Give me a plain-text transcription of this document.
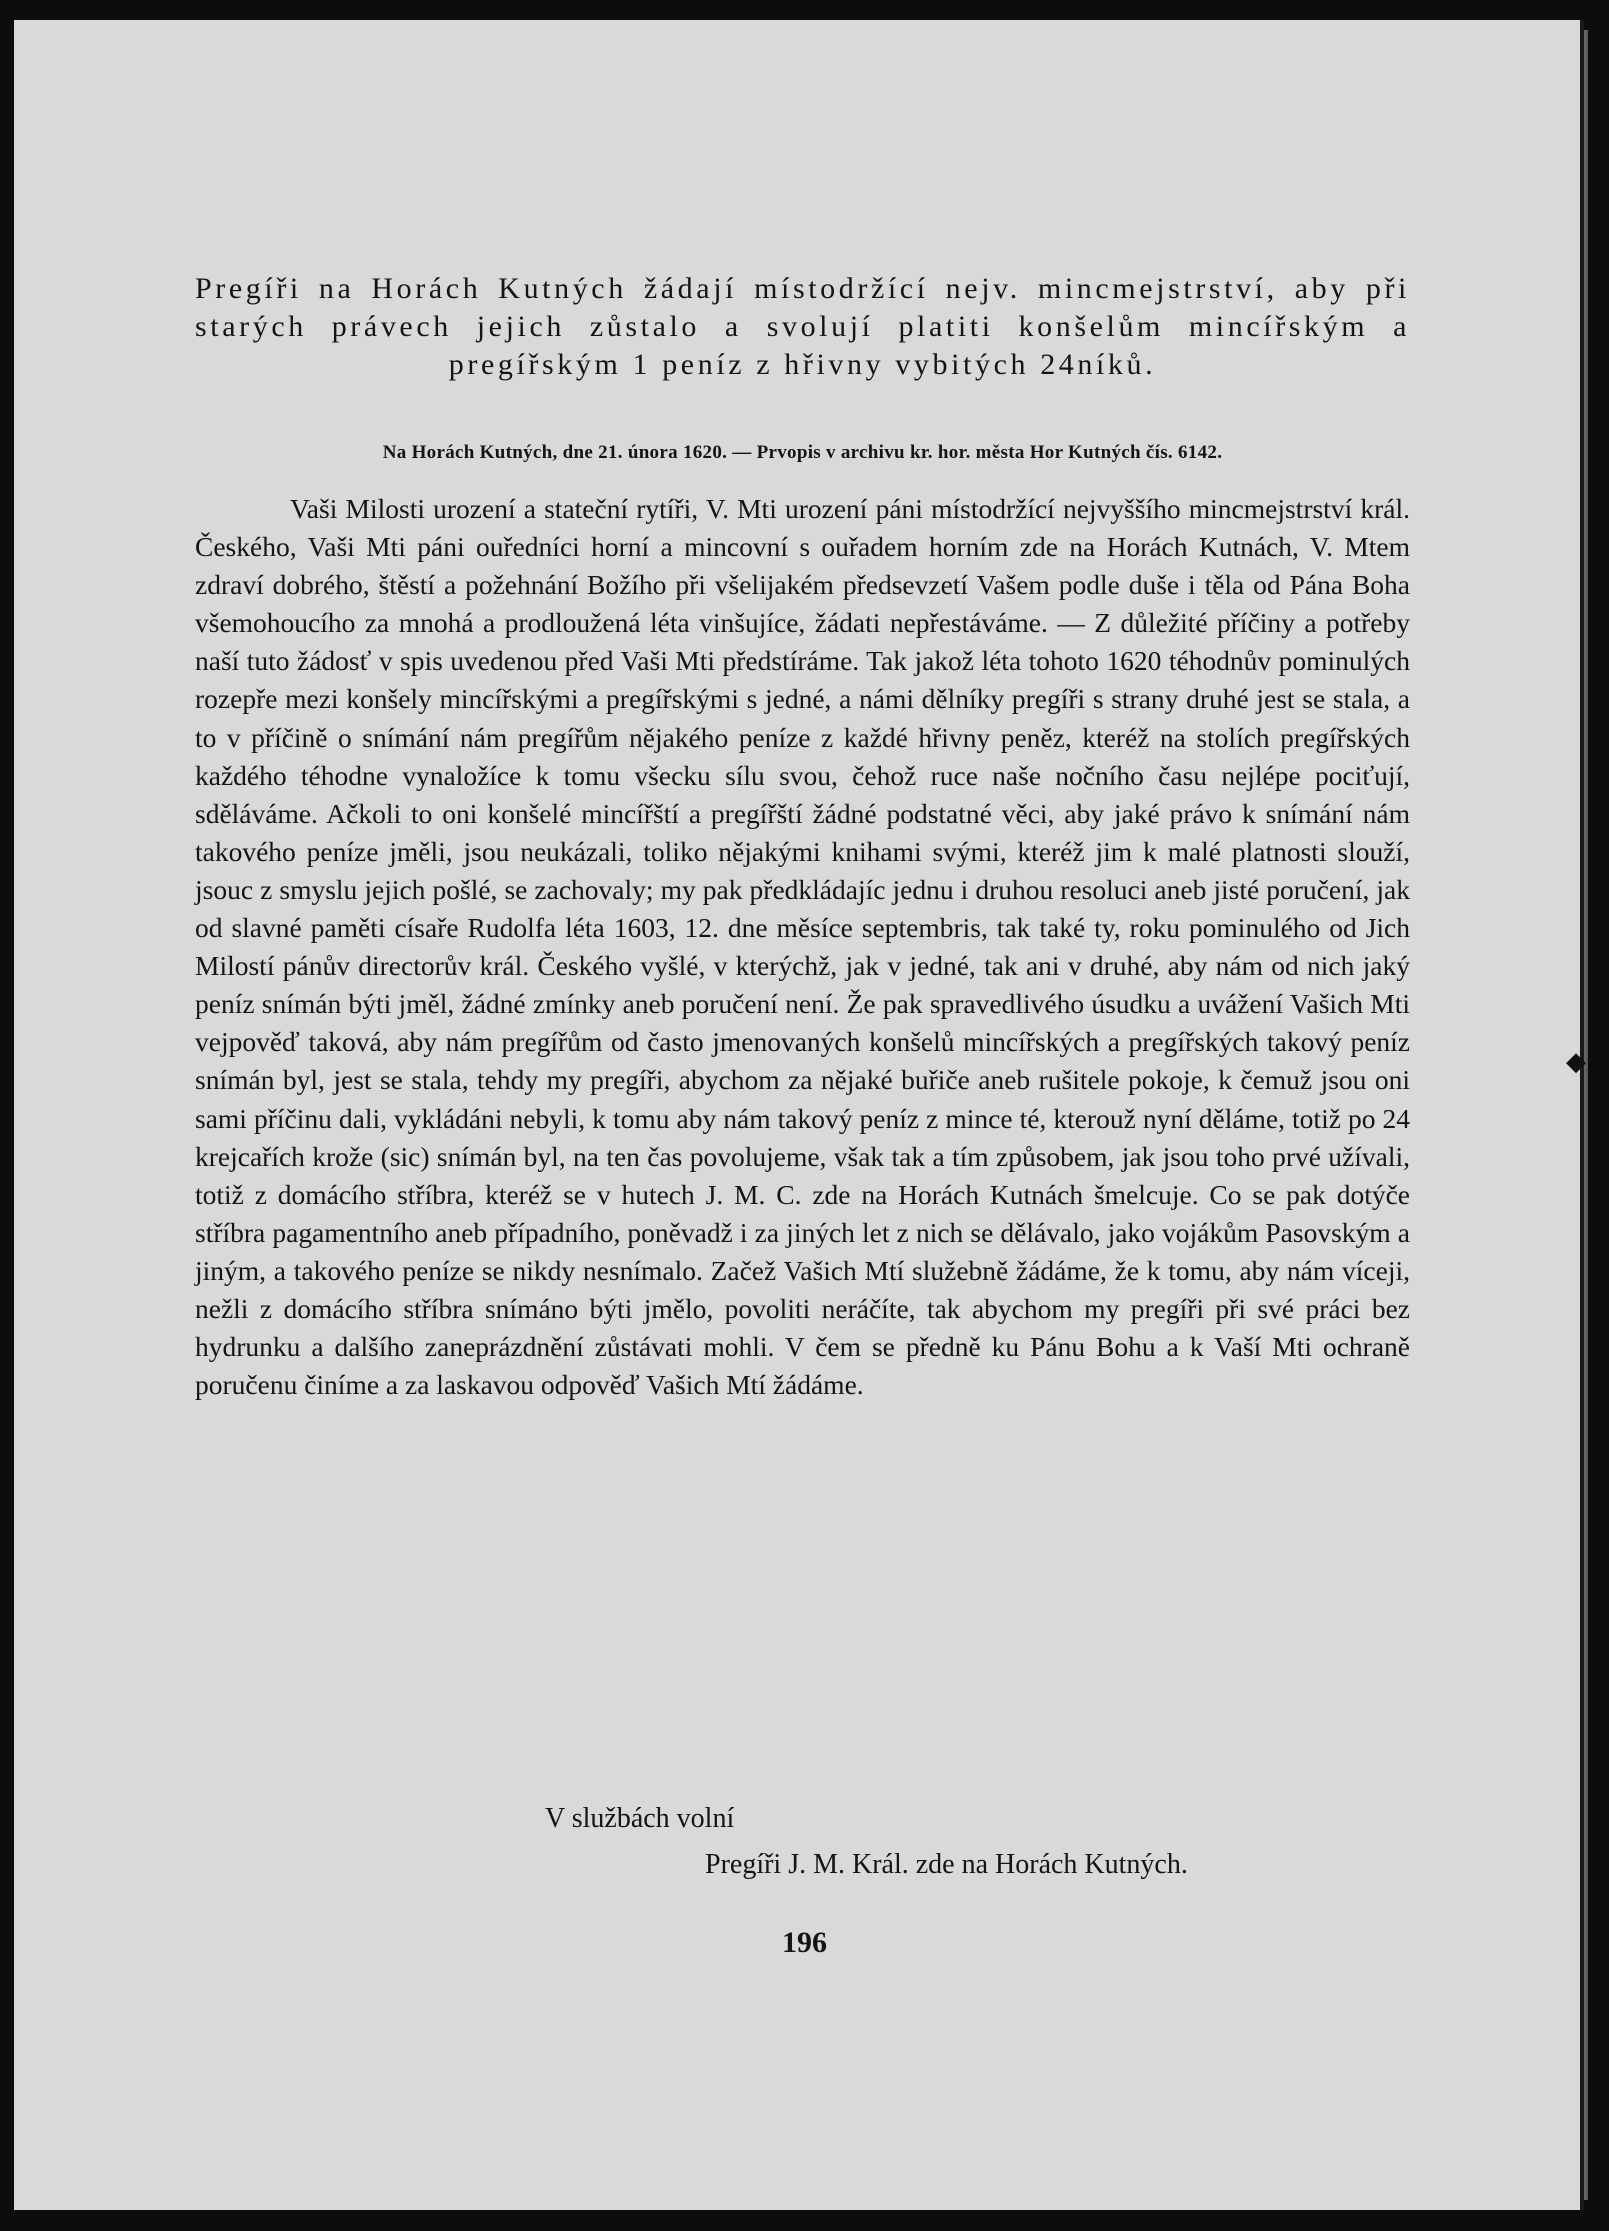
◆
Pregíři na Horách Kutných žádají místodržící nejv. mincmejstrství, aby při starých právech jejich zůstalo a svolují platiti konšelům mincířským a pregířským 1 peníz z hřivny vybitých 24níků.
Na Horách Kutných, dne 21. února 1620. — Prvopis v archivu kr. hor. města Hor Kutných čís. 6142.

Vaši Milosti urození a stateční rytíři, V. Mti urození páni místodržící nejvyššího mincmejstrství král. Českého, Vaši Mti páni ouředníci horní a mincovní s ouřadem horním zde na Horách Kutnách, V. Mtem zdraví dobrého, štěstí a požehnání Božího při všelijakém předsevzetí Vašem podle duše i těla od Pána Boha všemohoucího za mnohá a prodloužená léta vinšujíce, žádati nepřestáváme. — Z důležité příčiny a potřeby naší tuto žádosť v spis uvedenou před Vaši Mti předstíráme. Tak jakož léta tohoto 1620 téhodnův pominulých rozepře mezi konšely mincířskými a pregířskými s jedné, a námi dělníky pregíři s strany druhé jest se stala, a to v příčině o snímání nám pregířům nějakého peníze z každé hřivny peněz, kteréž na stolích pregířských každého téhodne vynaložíce k tomu všecku sílu svou, čehož ruce naše nočního času nejlépe pociťují, sděláváme. Ačkoli to oni konšelé mincířští a pregířští žádné podstatné věci, aby jaké právo k snímání nám takového peníze jměli, jsou neukázali, toliko nějakými knihami svými, kteréž jim k malé platnosti slouží, jsouc z smyslu jejich pošlé, se zachovaly; my pak předkládajíc jednu i druhou resoluci aneb jisté poručení, jak od slavné paměti císaře Rudolfa léta 1603, 12. dne měsíce septembris, tak také ty, roku pominulého od Jich Milostí pánův directorův král. Českého vyšlé, v kterýchž, jak v jedné, tak ani v druhé, aby nám od nich jaký peníz snímán býti jměl, žádné zmínky aneb poručení není. Že pak spravedlivého úsudku a uvážení Vašich Mti vejpověď taková, aby nám pregířům od často jmenovaných konšelů mincířských a pregířských takový peníz snímán byl, jest se stala, tehdy my pregíři, abychom za nějaké buřiče aneb rušitele pokoje, k čemuž jsou oni sami příčinu dali, vykládáni nebyli, k tomu aby nám takový peníz z mince té, kterouž nyní děláme, totiž po 24 krejcařích krože (sic) snímán byl, na ten čas povolujeme, však tak a tím způsobem, jak jsou toho prvé užívali, totiž z domácího stříbra, kteréž se v hutech J. M. C. zde na Horách Kutnách šmelcuje. Co se pak dotýče stříbra pagamentního aneb případního, poněvadž i za jiných let z nich se dělávalo, jako vojákům Pasovským a jiným, a takového peníze se nikdy nesnímalo. Začež Vašich Mtí služebně žádáme, že k tomu, aby nám víceji, nežli z domácího stříbra snímáno býti jmělo, povoliti neráčíte, tak abychom my pregíři při své práci bez hydrunku a dalšího zaneprázdnění zůstávati mohli. V čem se předně ku Pánu Bohu a k Vaší Mti ochraně poručenu činíme a za laskavou odpověď Vašich Mtí žádáme.

V službách volní
Pregíři J. M. Král. zde na Horách Kutných.
196
